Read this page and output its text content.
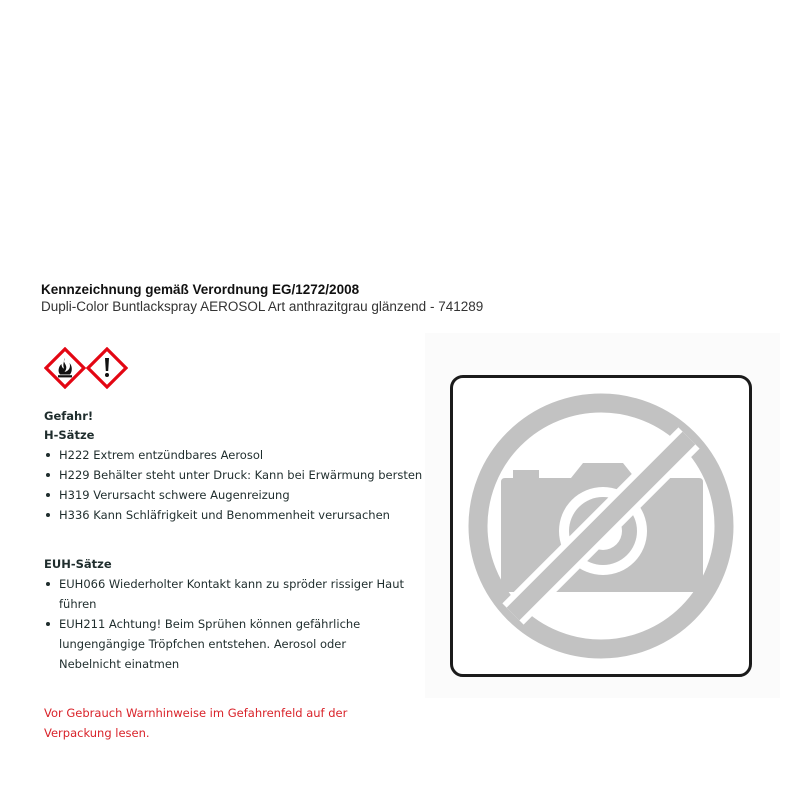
Kennzeichnung gemäß Verordnung EG/1272/2008
Dupli-Color Buntlackspray AEROSOL Art anthrazitgrau glänzend - 741289
Gefahr!
H-Sätze
H222 Extrem entzündbares Aerosol
H229 Behälter steht unter Druck: Kann bei Erwärmung bersten
H319 Verursacht schwere Augenreizung
H336 Kann Schläfrigkeit und Benommenheit verursachen
EUH-Sätze
EUH066 Wiederholter Kontakt kann zu spröder rissiger Haut führen
EUH211 Achtung! Beim Sprühen können gefährliche lungengängige Tröpfchen entstehen. Aerosol oder Nebelnicht einatmen
Vor Gebrauch Warnhinweise im Gefahrenfeld auf der Verpackung lesen.
